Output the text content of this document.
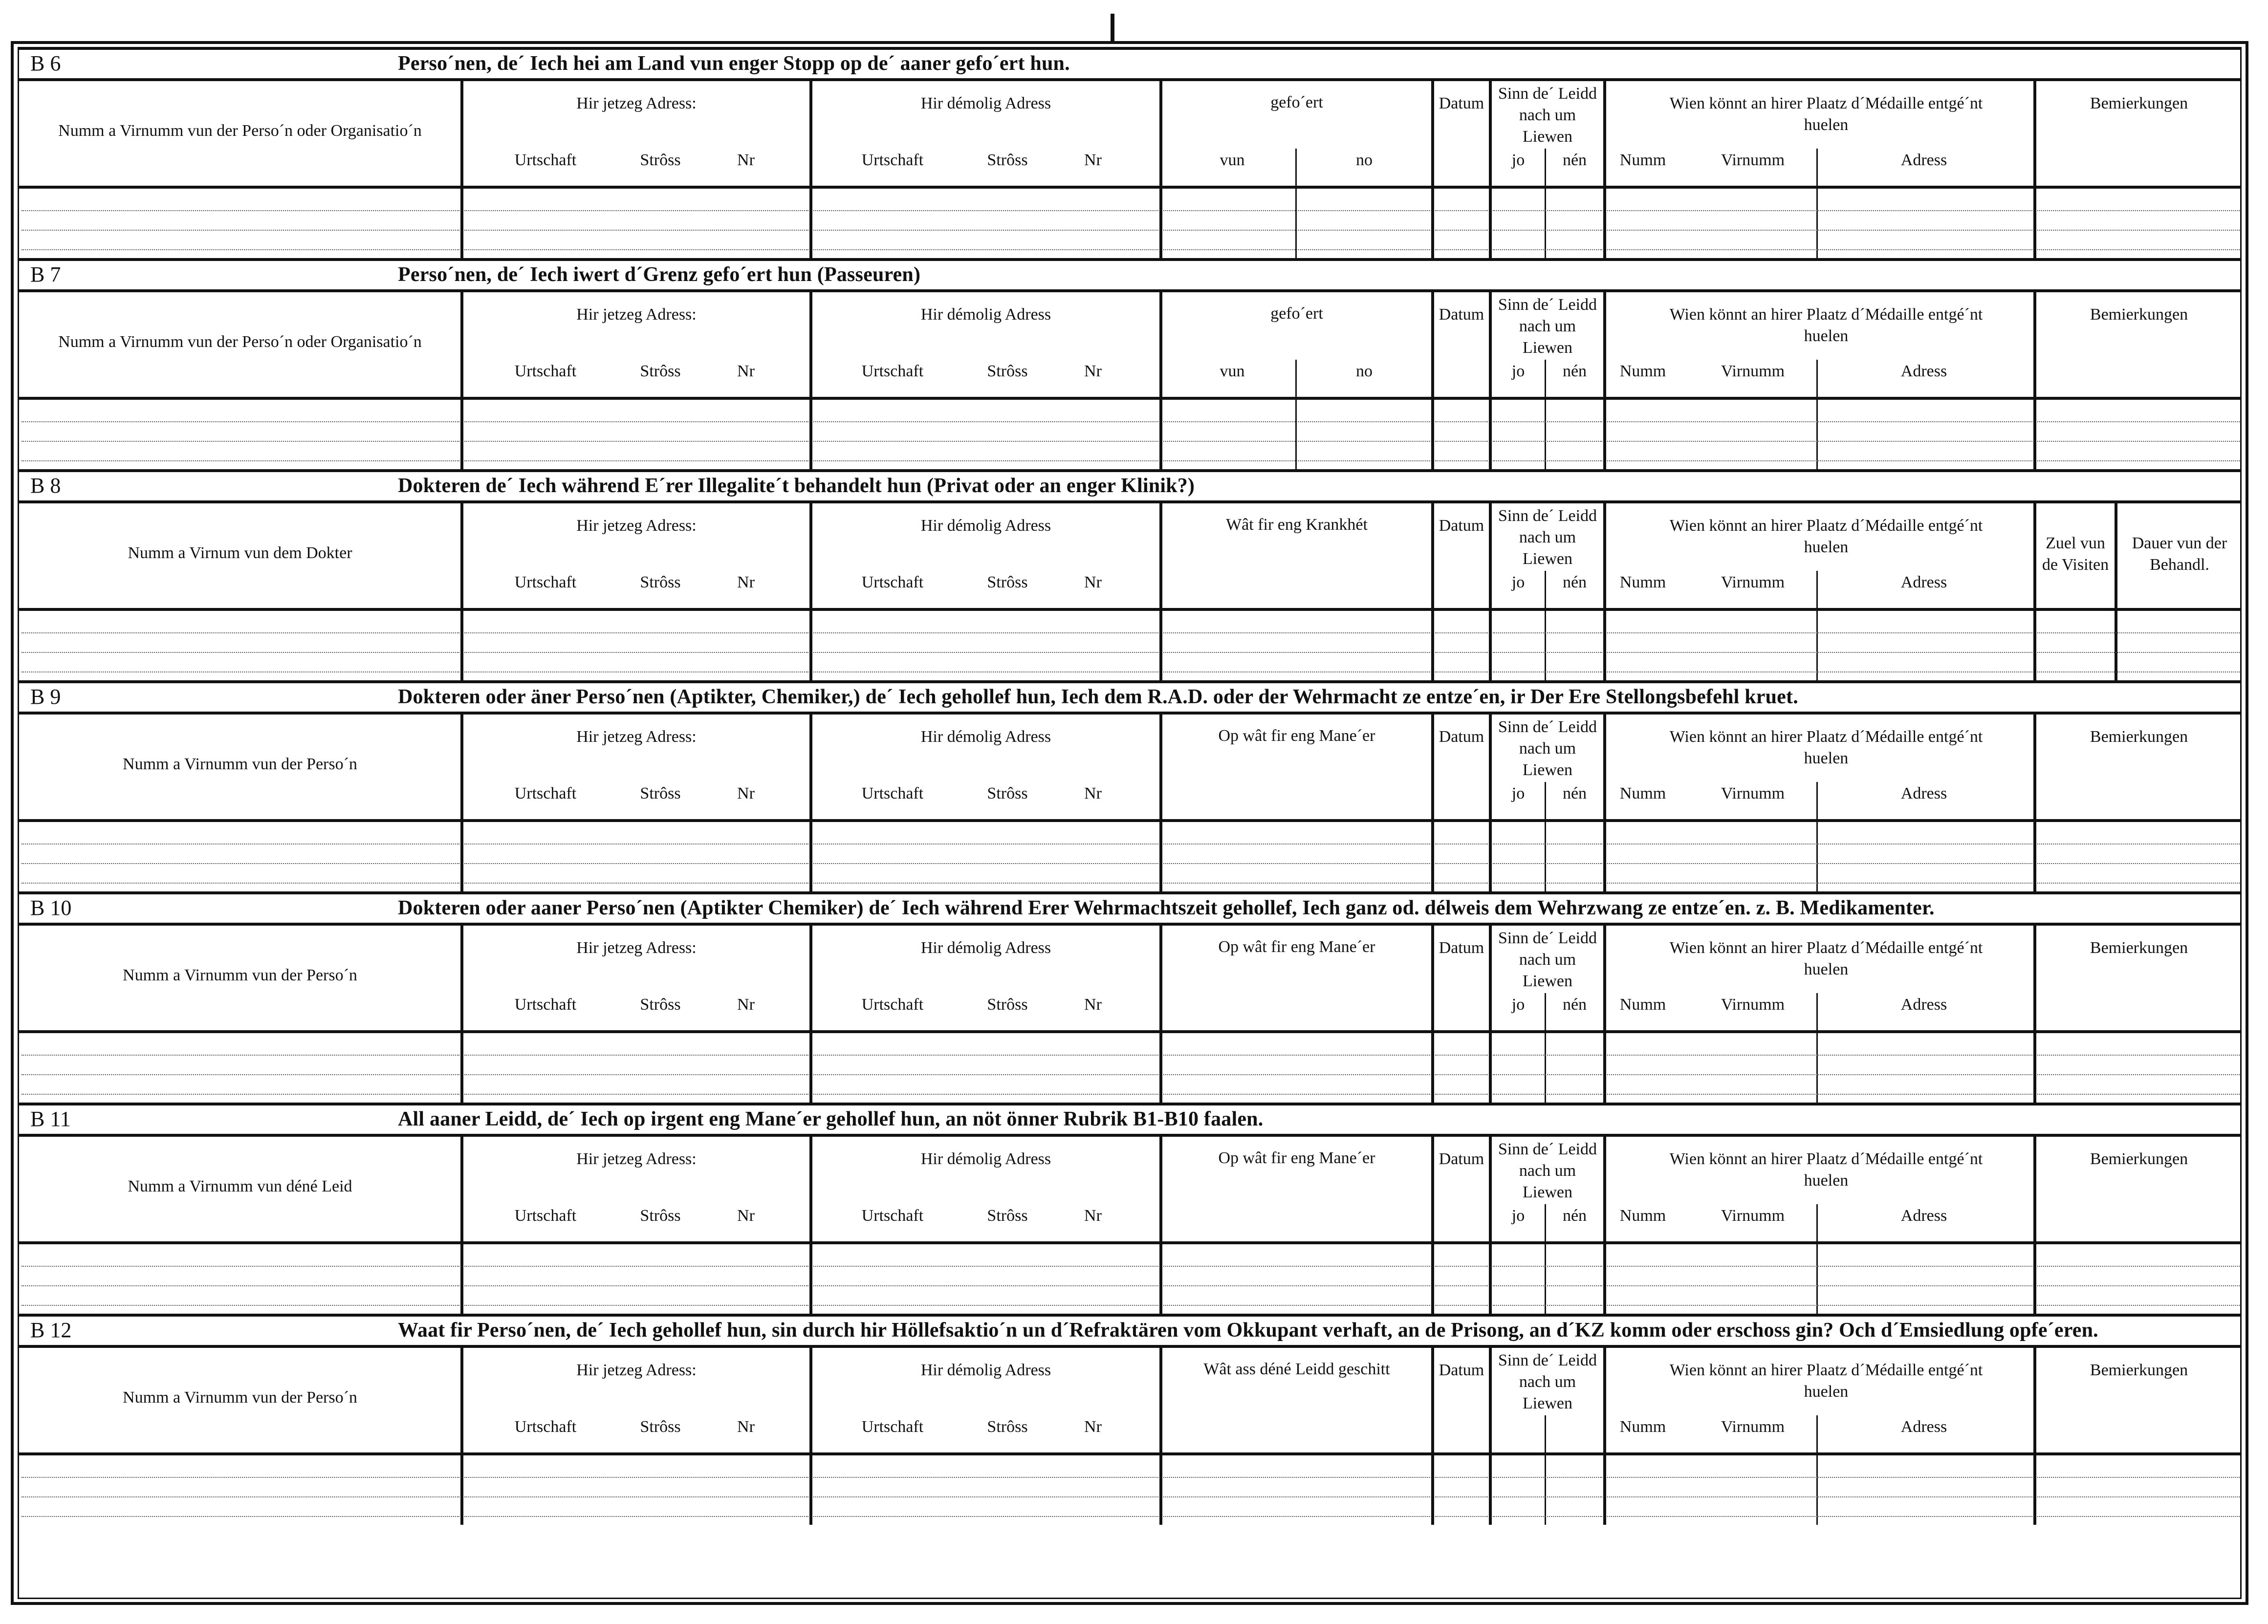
B 6	Perso´nen, de´ Iech hei am Land vun enger Stopp op de´ aaner gefo´ert hun.
Numm a Virnumm vun der Perso´n oder Organisatio´n
Hir jetzeg Adress:
Urtschaft	Strôss	Nr
Hir démolig Adress
Urtschaft	Strôss	Nr
gefo´ert
vun	no
Datum
Sinn de´ Leidd nach um Liewen
jo	nén
Wien könnt an hirer Plaatz d´Médaille entgé´nt huelen
Numm	Virnumm	Adress
Bemierkungen
B 7	Perso´nen, de´ Iech iwert d´Grenz gefo´ert hun (Passeuren)
Numm a Virnumm vun der Perso´n oder Organisatio´n
Hir jetzeg Adress:
Urtschaft	Strôss	Nr
Hir démolig Adress
Urtschaft	Strôss	Nr
gefo´ert
vun	no
Datum
Sinn de´ Leidd nach um Liewen
jo	nén
Wien könnt an hirer Plaatz d´Médaille entgé´nt huelen
Numm	Virnumm	Adress
Bemierkungen
B 8	Dokteren de´ Iech während E´rer Illegalite´t behandelt hun (Privat oder an enger Klinik?)
Numm a Virnum vun dem Dokter
Hir jetzeg Adress:
Urtschaft	Strôss	Nr
Hir démolig Adress
Urtschaft	Strôss	Nr
Wât fir eng Krankhét	Datum
Sinn de´ Leidd nach um Liewen
jo	nén
Wien könnt an hirer Plaatz d´Médaille entgé´nt huelen
Numm	Virnumm	Adress
Zuel vun de Visiten
Dauer vun der Behandl.
B 9	Dokteren oder äner Perso´nen (Aptikter, Chemiker,) de´ Iech gehollef hun, Iech dem R.A.D. oder der Wehrmacht ze entze´en, ir Der Ere Stellongsbefehl kruet.
Numm a Virnumm vun der Perso´n
Hir jetzeg Adress:
Urtschaft	Strôss	Nr
Hir démolig Adress
Urtschaft	Strôss	Nr
Op wât fir eng Mane´er	Datum
Sinn de´ Leidd nach um Liewen
jo	nén
Wien könnt an hirer Plaatz d´Médaille entgé´nt huelen
Numm	Virnumm	Adress
Bemierkungen
B 10	Dokteren oder aaner Perso´nen (Aptikter Chemiker) de´ Iech während Erer Wehrmachtszeit gehollef, Iech ganz od. délweis dem Wehrzwang ze entze´en. z. B. Medikamenter.
Numm a Virnumm vun der Perso´n
Hir jetzeg Adress:
Urtschaft	Strôss	Nr
Hir démolig Adress
Urtschaft	Strôss	Nr
Op wât fir eng Mane´er	Datum
Sinn de´ Leidd nach um Liewen
jo	nén
Wien könnt an hirer Plaatz d´Médaille entgé´nt huelen
Numm	Virnumm	Adress
Bemierkungen
B 11	All aaner Leidd, de´ Iech op irgent eng Mane´er gehollef hun, an nöt önner Rubrik B1-B10 faalen.
Numm a Virnumm vun déné Leid
Hir jetzeg Adress:
Urtschaft	Strôss	Nr
Hir démolig Adress
Urtschaft	Strôss	Nr
Op wât fir eng Mane´er	Datum
Sinn de´ Leidd nach um Liewen
jo	nén
Wien könnt an hirer Plaatz d´Médaille entgé´nt huelen
Numm	Virnumm	Adress
Bemierkungen
B 12	Waat fir Perso´nen, de´ Iech gehollef hun, sin durch hir Höllefsaktio´n un d´Refraktären vom Okkupant verhaft, an de Prisong, an d´KZ komm oder erschoss gin? Och d´Emsiedlung opfe´eren.
Numm a Virnumm vun der Perso´n
Hir jetzeg Adress:
Urtschaft	Strôss	Nr
Hir démolig Adress
Urtschaft	Strôss	Nr
Wât ass déné Leidd geschitt	Datum
Sinn de´ Leidd nach um Liewen
Wien könnt an hirer Plaatz d´Médaille entgé´nt huelen
Numm	Virnumm	Adress
Bemierkungen
